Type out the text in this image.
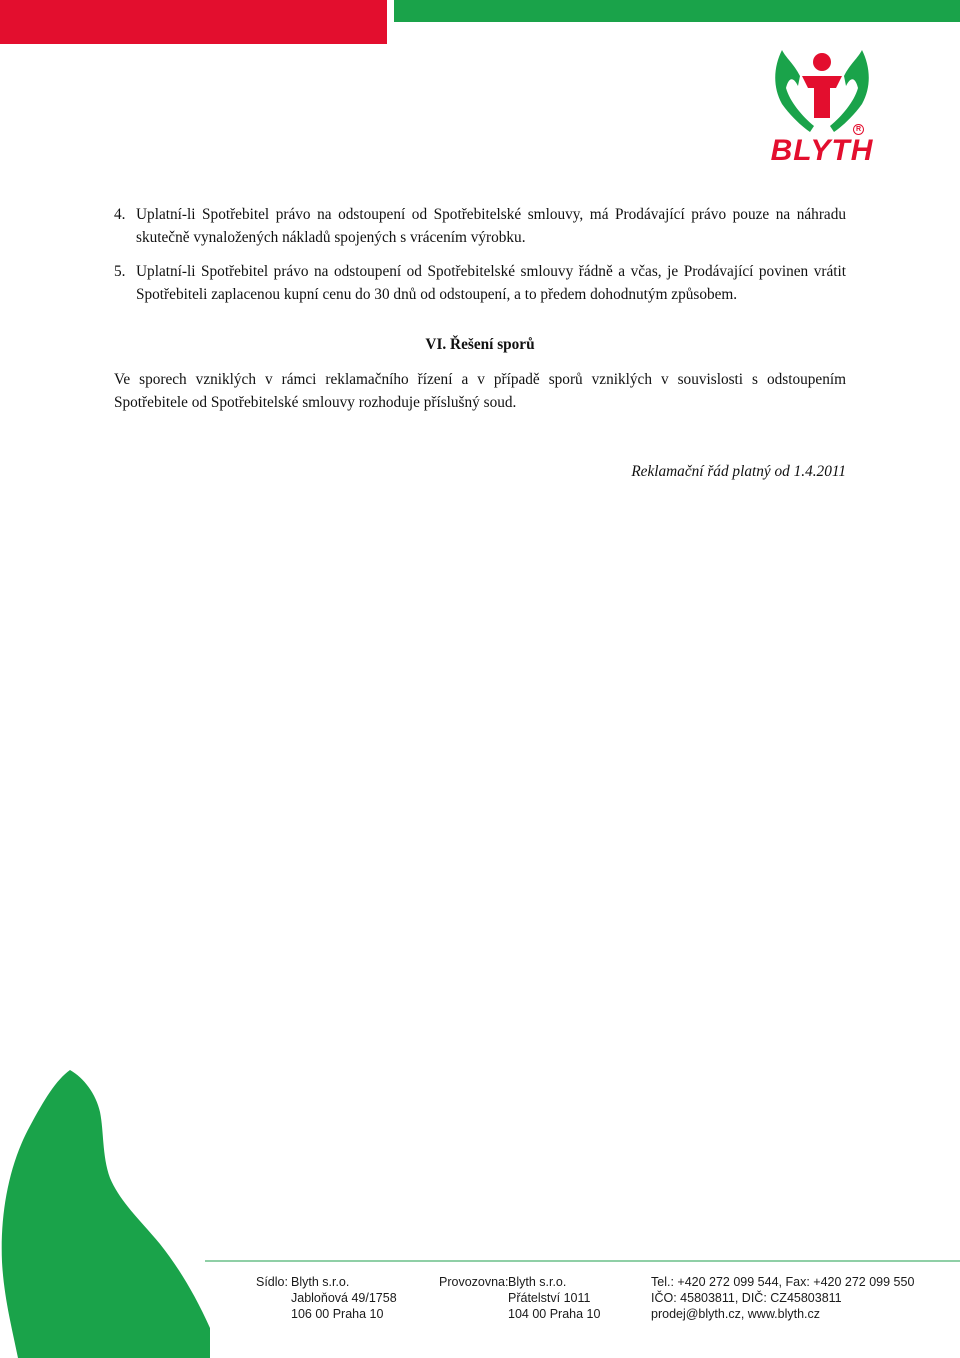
R
BLYTH
4. Uplatní-li Spotřebitel právo na odstoupení od Spotřebitelské smlouvy, má Prodávající právo pouze na náhradu skutečně vynaložených nákladů spojených s vrácením výrobku.
5. Uplatní-li Spotřebitel právo na odstoupení od Spotřebitelské smlouvy řádně a včas, je Prodávající povinen vrátit Spotřebiteli zaplacenou kupní cenu do 30 dnů od odstoupení, a to předem dohodnutým způsobem.
VI. Řešení sporů
Ve sporech vzniklých v rámci reklamačního řízení a v případě sporů vzniklých v souvislosti s odstoupením Spotřebitele od Spotřebitelské smlouvy rozhoduje příslušný soud.
Reklamační řád platný od 1.4.2011
Sídlo: Blyth s.r.o.
Jabloňová 49/1758
106 00 Praha 10
Provozovna: Blyth s.r.o.
Přátelství 1011
104 00 Praha 10
Tel.: +420 272 099 544, Fax: +420 272 099 550
IČO: 45803811, DIČ: CZ45803811
prodej@blyth.cz, www.blyth.cz
